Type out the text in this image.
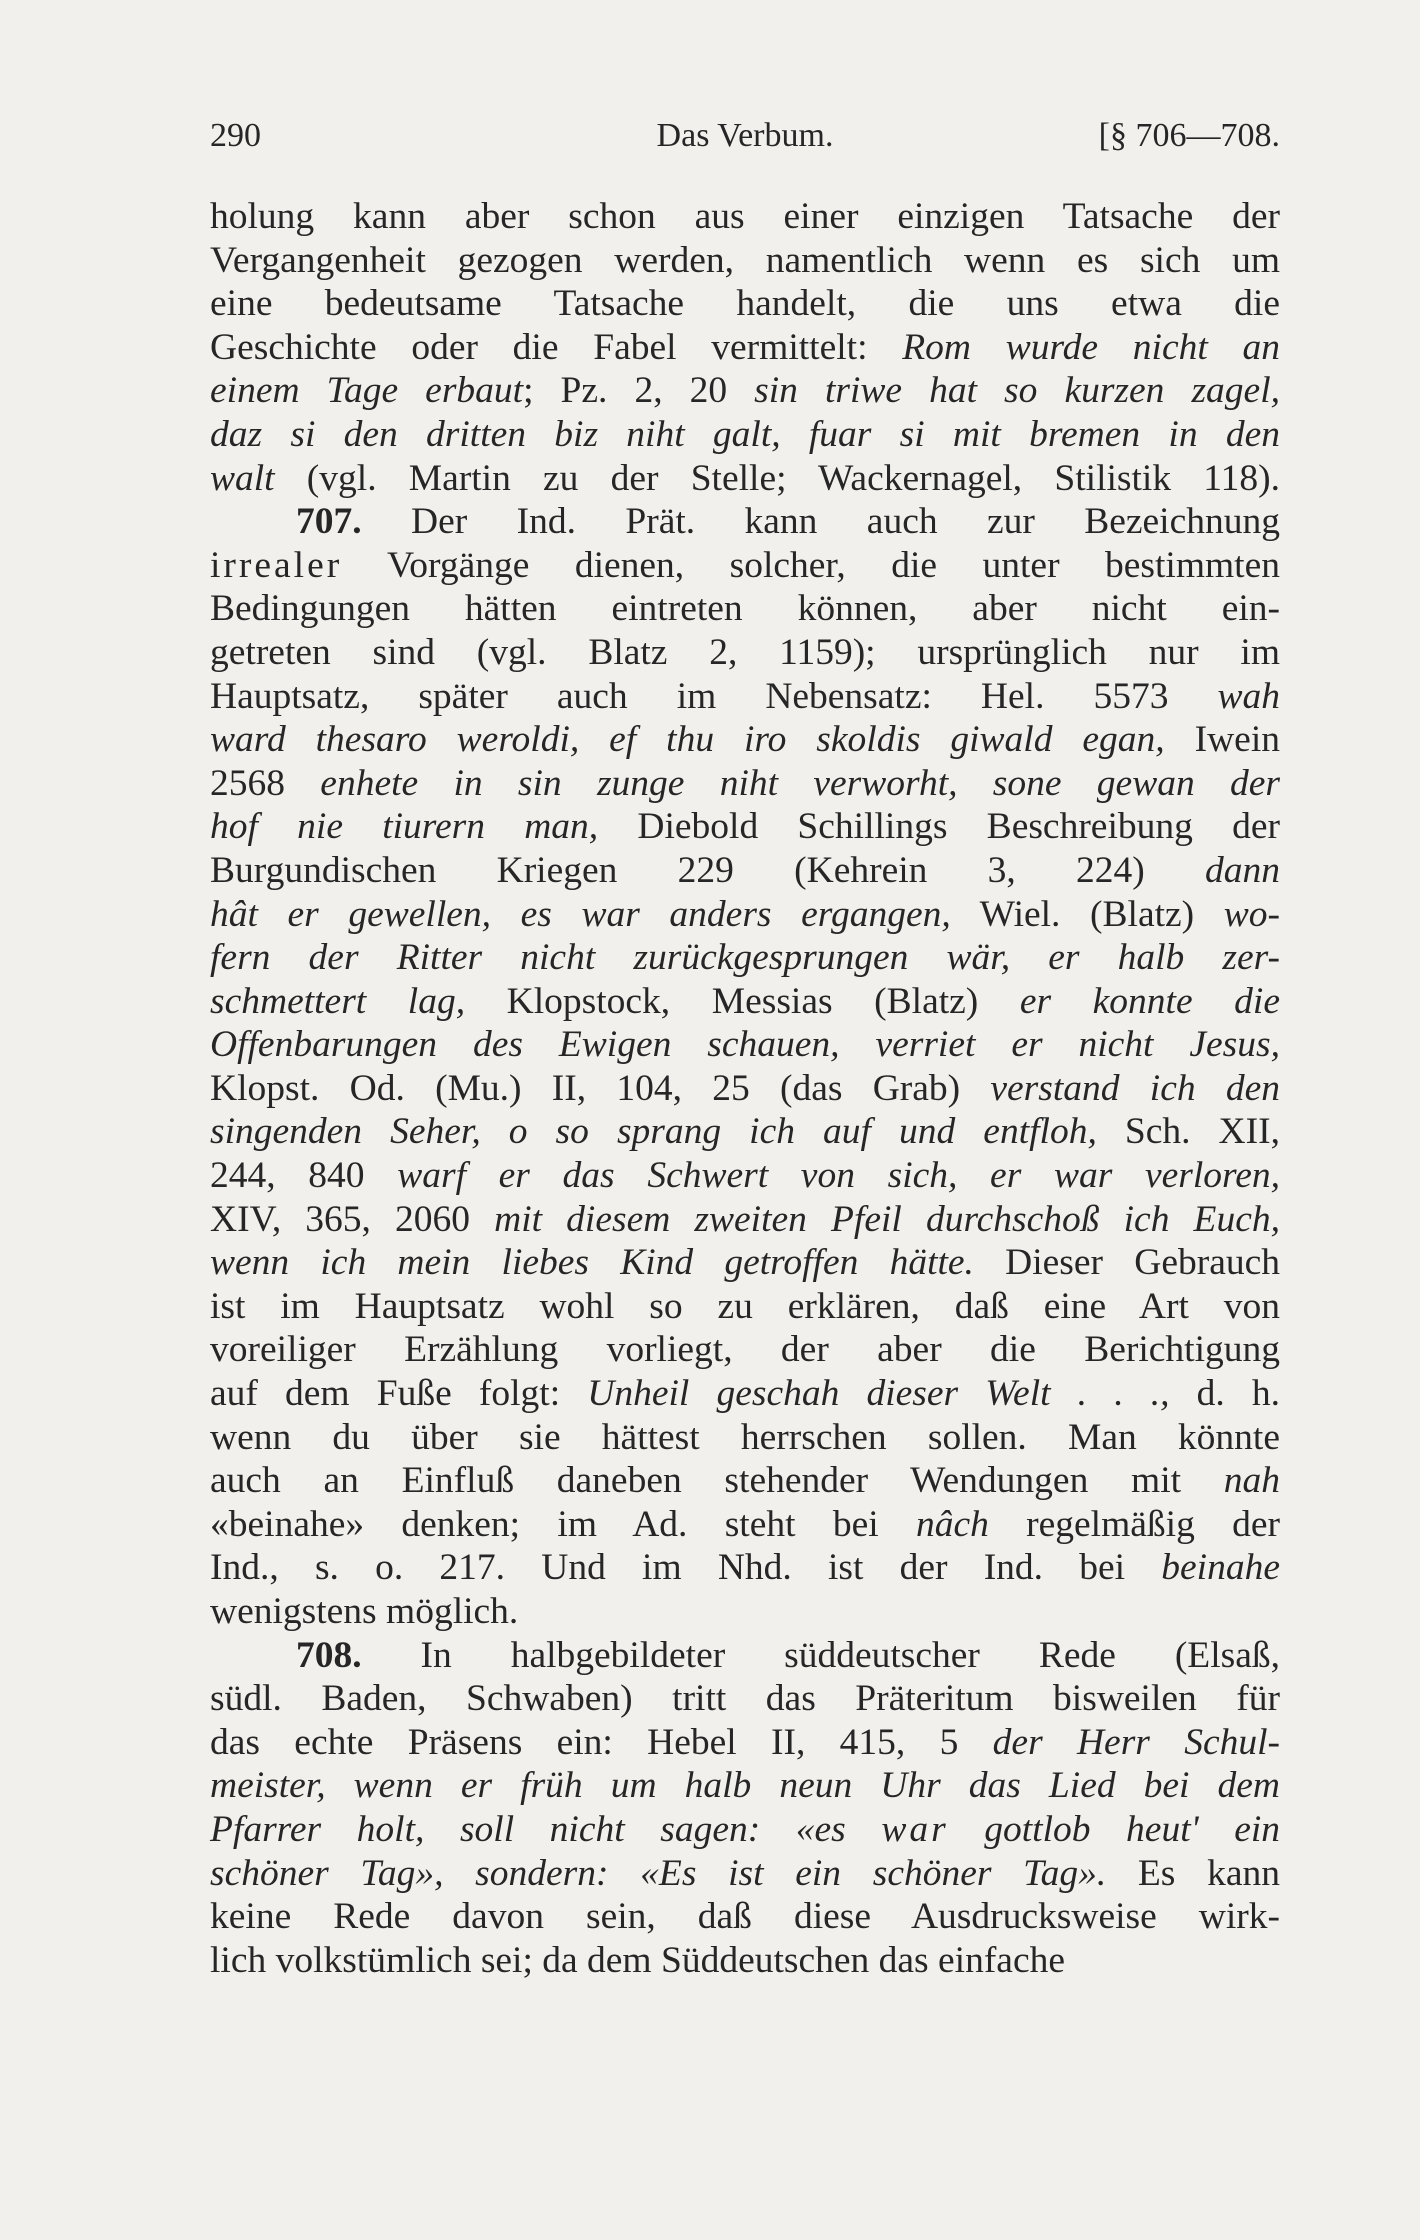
Das Verbum.
290	[§ 706—708.
holung kann aber schon aus einer einzigen Tatsache der
Vergangenheit gezogen werden, namentlich wenn es sich um
eine bedeutsame Tatsache handelt, die uns etwa die
Geschichte oder die Fabel vermittelt: Rom wurde nicht an
einem Tage erbaut; Pz. 2, 20 sin triwe hat so kurzen zagel,
daz si den dritten biz niht galt, fuar si mit bremen in den
walt (vgl. Martin zu der Stelle; Wackernagel, Stilistik 118).
707. Der Ind. Prät. kann auch zur Bezeichnung
irrealer Vorgänge dienen, solcher, die unter bestimmten
Bedingungen hätten eintreten können, aber nicht ein-
getreten sind (vgl. Blatz 2, 1159); ursprünglich nur im
Hauptsatz, später auch im Nebensatz: Hel. 5573 wah
ward thesaro weroldi, ef thu iro skoldis giwald egan, Iwein
2568 enhete in sin zunge niht verworht, sone gewan der
hof nie tiurern man, Diebold Schillings Beschreibung der
Burgundischen Kriegen 229 (Kehrein 3, 224) dann
hât er gewellen, es war anders ergangen, Wiel. (Blatz) wo-
fern der Ritter nicht zurückgesprungen wär, er halb zer-
schmettert lag, Klopstock, Messias (Blatz) er konnte die
Offenbarungen des Ewigen schauen, verriet er nicht Jesus,
Klopst. Od. (Mu.) II, 104, 25 (das Grab) verstand ich den
singenden Seher, o so sprang ich auf und entfloh, Sch. XII,
244, 840 warf er das Schwert von sich, er war verloren,
XIV, 365, 2060 mit diesem zweiten Pfeil durchschoß ich Euch,
wenn ich mein liebes Kind getroffen hätte. Dieser Gebrauch
ist im Hauptsatz wohl so zu erklären, daß eine Art von
voreiliger Erzählung vorliegt, der aber die Berichtigung
auf dem Fuße folgt: Unheil geschah dieser Welt . . ., d. h.
wenn du über sie hättest herrschen sollen. Man könnte
auch an Einfluß daneben stehender Wendungen mit nah
«beinahe» denken; im Ad. steht bei nâch regelmäßig der
Ind., s. o. 217. Und im Nhd. ist der Ind. bei beinahe
wenigstens möglich.
708. In halbgebildeter süddeutscher Rede (Elsaß,
südl. Baden, Schwaben) tritt das Präteritum bisweilen für
das echte Präsens ein: Hebel II, 415, 5 der Herr Schul-
meister, wenn er früh um halb neun Uhr das Lied bei dem
Pfarrer holt, soll nicht sagen: «es war gottlob heut' ein
schöner Tag», sondern: «Es ist ein schöner Tag». Es kann
keine Rede davon sein, daß diese Ausdrucksweise wirk-
lich volkstümlich sei; da dem Süddeutschen das einfache
